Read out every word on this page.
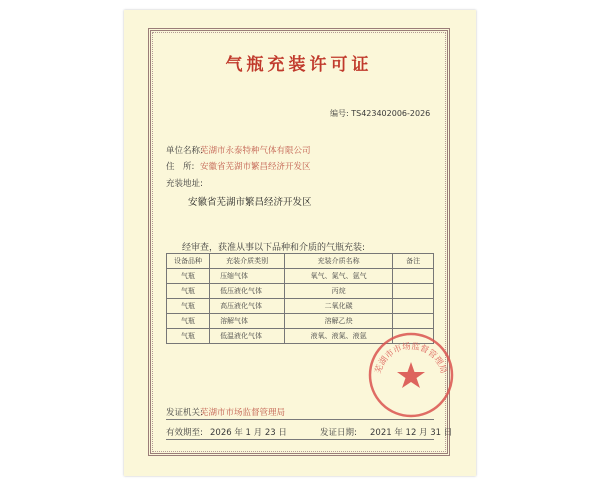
气瓶充装许可证
编号: TS423402006-2026
单位名称:
芜湖市永泰特种气体有限公司
住　所: 安徽省芜湖市繁昌经济开发区
充装地址:
安徽省芜湖市繁昌经济开发区
经审查，获准从事以下品种和介质的气瓶充装:
设备品种	充装介质类别	充装介质名称	备注
气瓶	压缩气体	氧气、氮气、氩气	
气瓶	低压液化气体	丙烷	
气瓶	高压液化气体	二氧化碳	
气瓶	溶解气体	溶解乙炔	
气瓶	低温液化气体	液氧、液氮、液氩	
发证机关:
芜湖市市场监督管理局
有效期至: 2026 年 1 月 23 日	发证日期: 2021 年 12 月 31 日
芜湖市市场监督管理局
